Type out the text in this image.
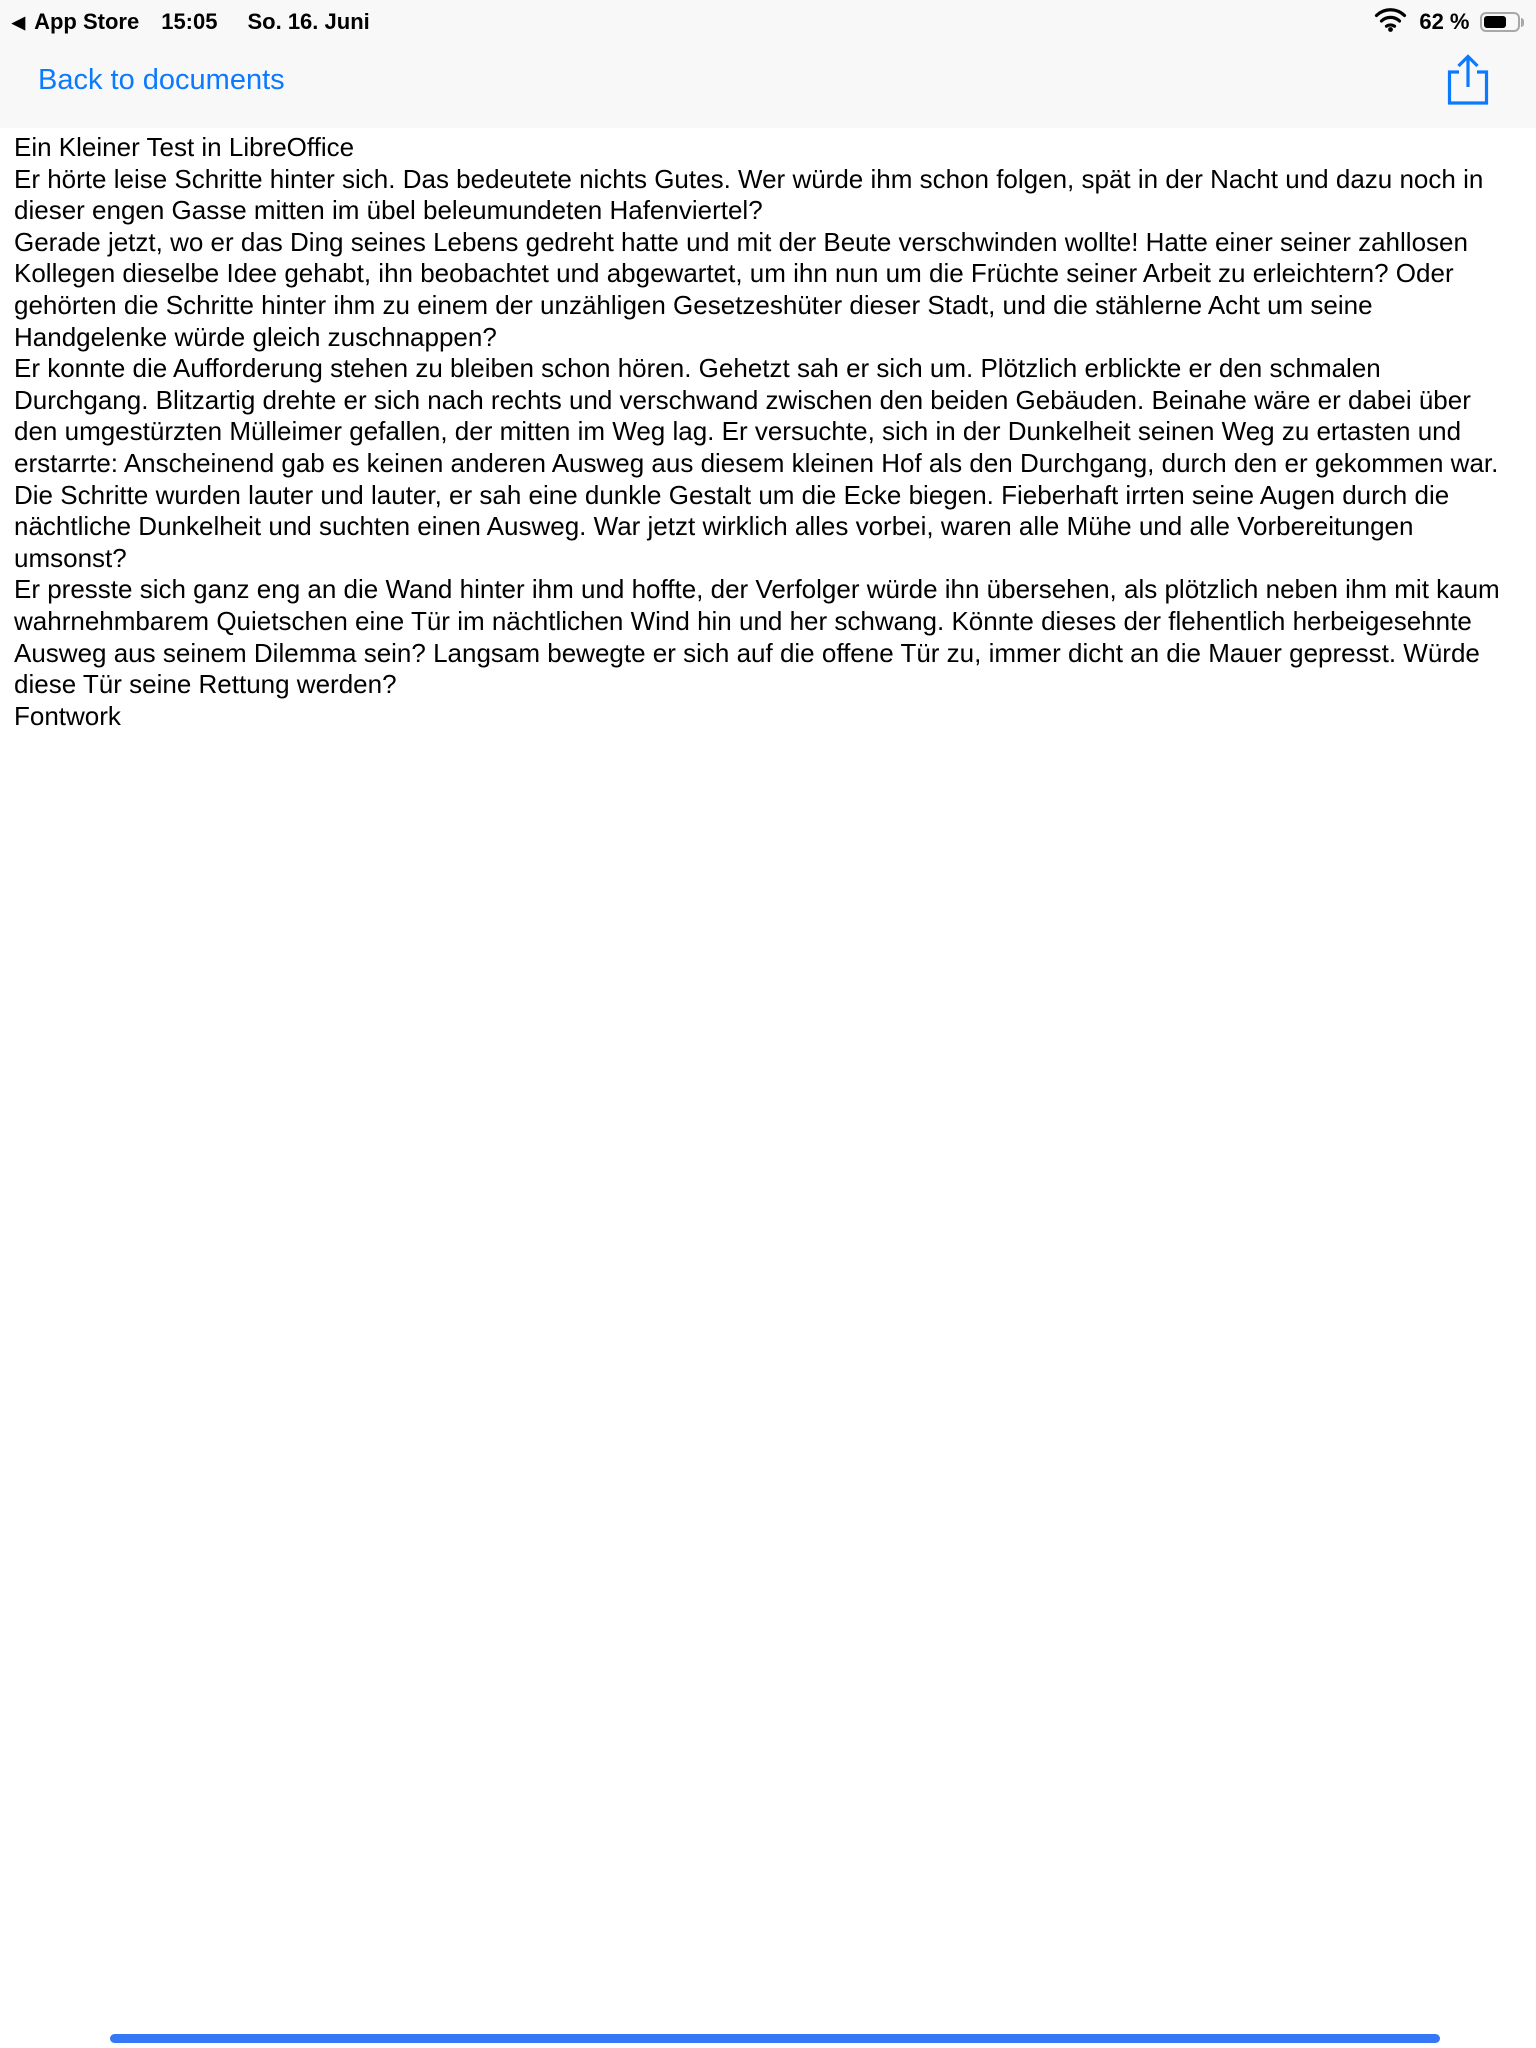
◀ App Store 15:05 So. 16. Juni	62 %
Back to documents

Ein Kleiner Test in LibreOffice

Er hörte leise Schritte hinter sich. Das bedeutete nichts Gutes. Wer würde ihm schon folgen, spät in der Nacht und dazu noch in dieser engen Gasse mitten im übel beleumundeten Hafenviertel?

Gerade jetzt, wo er das Ding seines Lebens gedreht hatte und mit der Beute verschwinden wollte! Hatte einer seiner zahllosen Kollegen dieselbe Idee gehabt, ihn beobachtet und abgewartet, um ihn nun um die Früchte seiner Arbeit zu erleichtern? Oder gehörten die Schritte hinter ihm zu einem der unzähligen Gesetzeshüter dieser Stadt, und die stählerne Acht um seine Handgelenke würde gleich zuschnappen?

Er konnte die Aufforderung stehen zu bleiben schon hören. Gehetzt sah er sich um. Plötzlich erblickte er den schmalen Durchgang. Blitzartig drehte er sich nach rechts und verschwand zwischen den beiden Gebäuden. Beinahe wäre er dabei über den umgestürzten Mülleimer gefallen, der mitten im Weg lag. Er versuchte, sich in der Dunkelheit seinen Weg zu ertasten und erstarrte: Anscheinend gab es keinen anderen Ausweg aus diesem kleinen Hof als den Durchgang, durch den er gekommen war.

Die Schritte wurden lauter und lauter, er sah eine dunkle Gestalt um die Ecke biegen. Fieberhaft irrten seine Augen durch die nächtliche Dunkelheit und suchten einen Ausweg. War jetzt wirklich alles vorbei, waren alle Mühe und alle Vorbereitungen umsonst?

Er presste sich ganz eng an die Wand hinter ihm und hoffte, der Verfolger würde ihn übersehen, als plötzlich neben ihm mit kaum wahrnehmbarem Quietschen eine Tür im nächtlichen Wind hin und her schwang. Könnte dieses der flehentlich herbeigesehnte Ausweg aus seinem Dilemma sein? Langsam bewegte er sich auf die offene Tür zu, immer dicht an die Mauer gepresst. Würde diese Tür seine Rettung werden?

Fontwork
